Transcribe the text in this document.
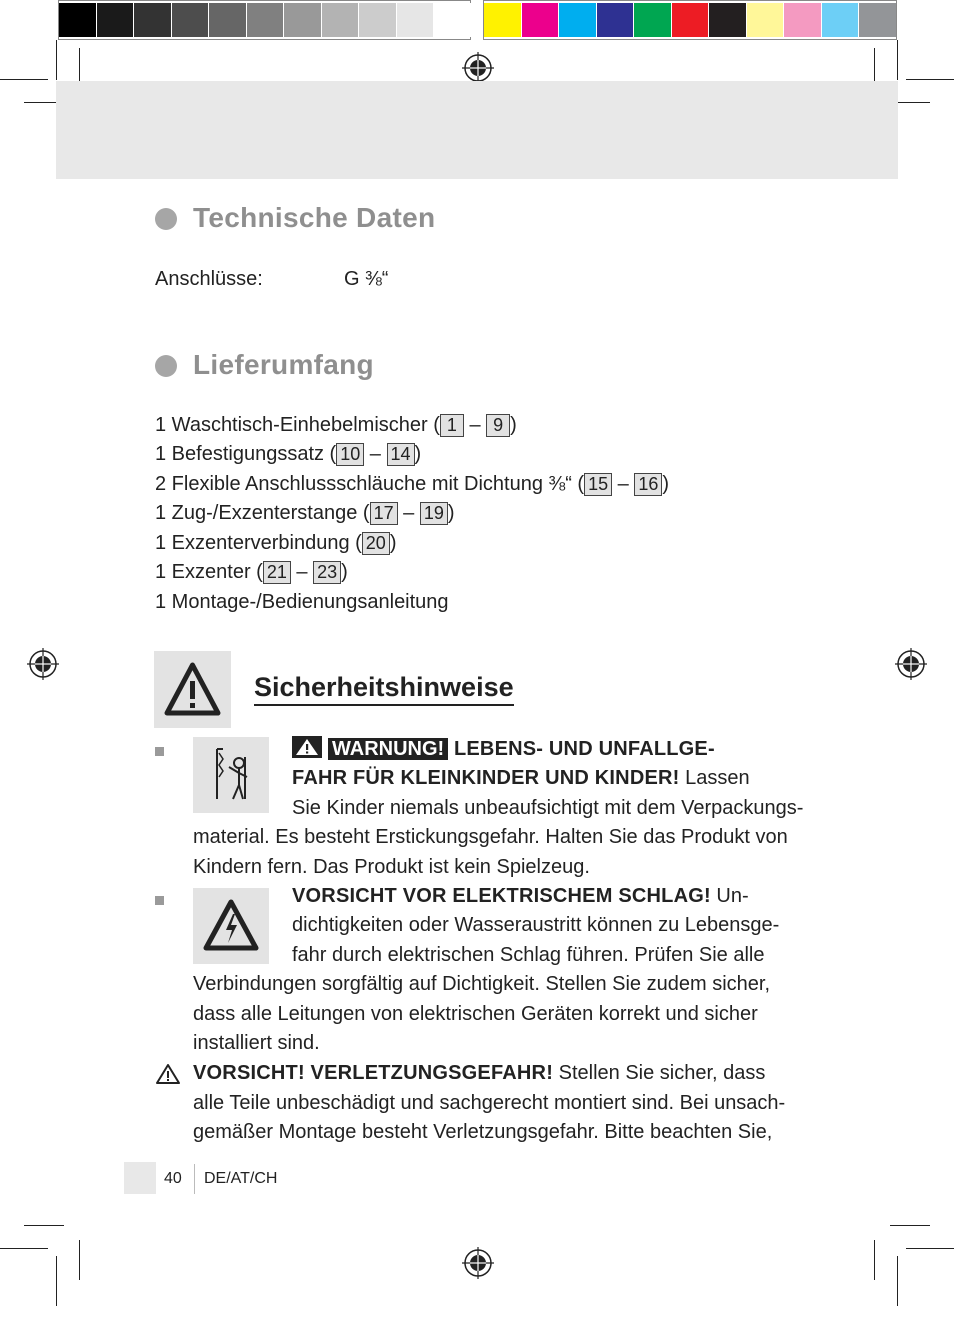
Technische Daten
Anschlüsse:	G ⅜“
Lieferumfang
1 Waschtisch-Einhebelmischer ( 1 – 9 )
1 Befestigungssatz ( 10 – 14 )
2 Flexible Anschlussschläuche mit Dichtung ⅜“ ( 15 – 16 )
1 Zug-/Exzenterstange ( 17 – 19 )
1 Exzenterverbindung ( 20 )
1 Exzenter ( 21 – 23 )
1 Montage-/Bedienungsanleitung
Sicherheitshinweise
WARNUNG! LEBENS- UND UNFALLGE-
FAHR FÜR KLEINKINDER UND KINDER! Lassen
Sie Kinder niemals unbeaufsichtigt mit dem Verpackungs-
material. Es besteht Erstickungsgefahr. Halten Sie das Produkt von
Kindern fern. Das Produkt ist kein Spielzeug.
VORSICHT VOR ELEKTRISCHEM SCHLAG! Un-
dichtigkeiten oder Wasseraustritt können zu Lebensge-
fahr durch elektrischen Schlag führen. Prüfen Sie alle
Verbindungen sorgfältig auf Dichtigkeit. Stellen Sie zudem sicher,
dass alle Leitungen von elektrischen Geräten korrekt und sicher
installiert sind.
VORSICHT! VERLETZUNGSGEFAHR! Stellen Sie sicher, dass
alle Teile unbeschädigt und sachgerecht montiert sind. Bei unsach-
gemäßer Montage besteht Verletzungsgefahr. Bitte beachten Sie,
40 DE/AT/CH
